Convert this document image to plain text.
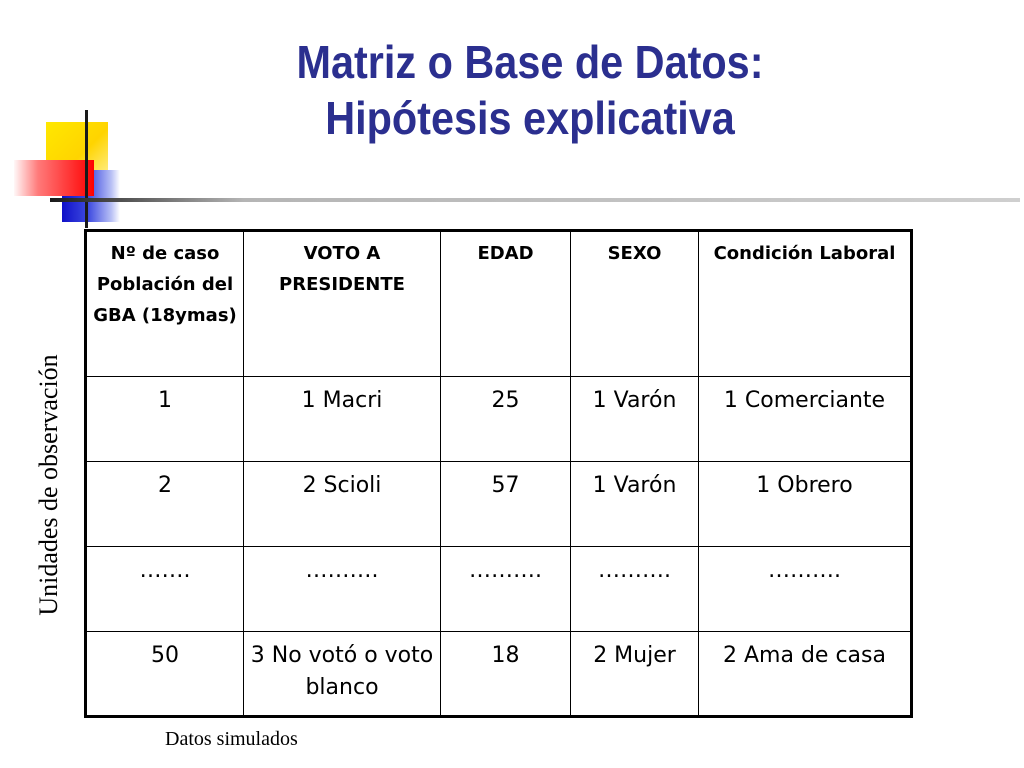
Matriz o Base de Datos:
Hipótesis explicativa
Unidades de observación
Nº de caso
Población del GBA (18ymas)	VOTO A PRESIDENTE	EDAD	SEXO	Condición Laboral

1	1 Macri	25	1 Varón	1 Comerciante
2	2 Scioli	57	1 Varón	1 Obrero
…….	……….	……….	……….	……….
50	3 No votó o voto blanco	18	2 Mujer	2 Ama de casa
Datos simulados
